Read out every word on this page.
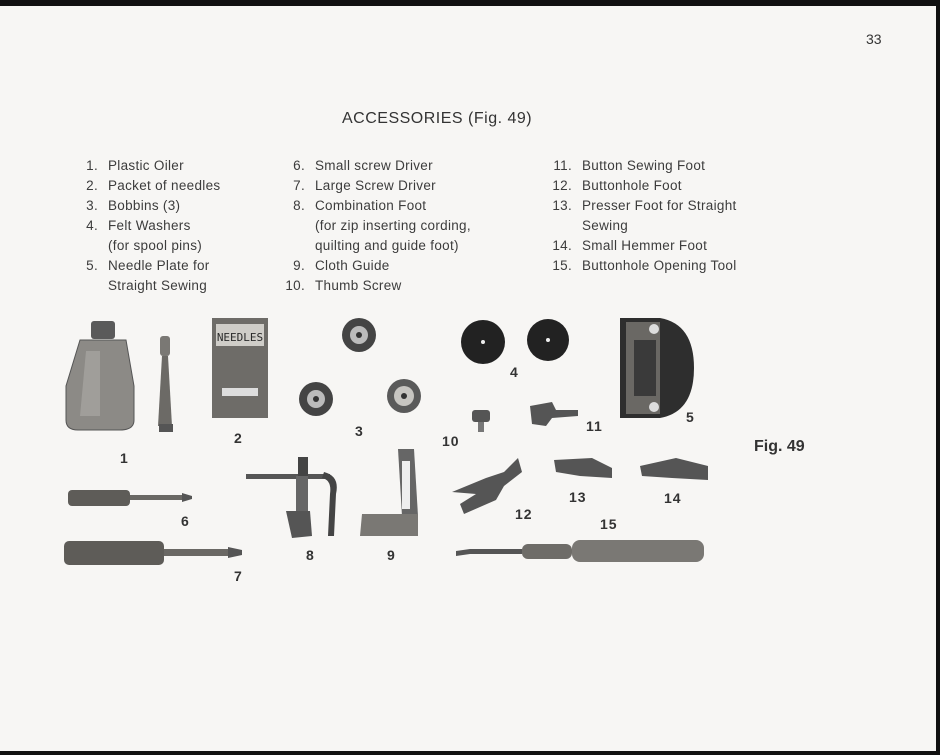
33
ACCESSORIES (Fig. 49)
1. Plastic Oiler
2. Packet of needles
3. Bobbins (3)
4. Felt Washers
(for spool pins)
5. Needle Plate for
Straight Sewing
6. Small screw Driver
7. Large Screw Driver
8. Combination Foot
(for zip inserting cording,
quilting and guide foot)
9. Cloth Guide
10. Thumb Screw
11. Button Sewing Foot
12. Buttonhole Foot
13. Presser Foot for Straight
Sewing
14. Small Hemmer Foot
15. Buttonhole Opening Tool
Fig. 49
NEEDLES
1
2	3
4
5
6
7
8	9
10
11
12
13	14
15
